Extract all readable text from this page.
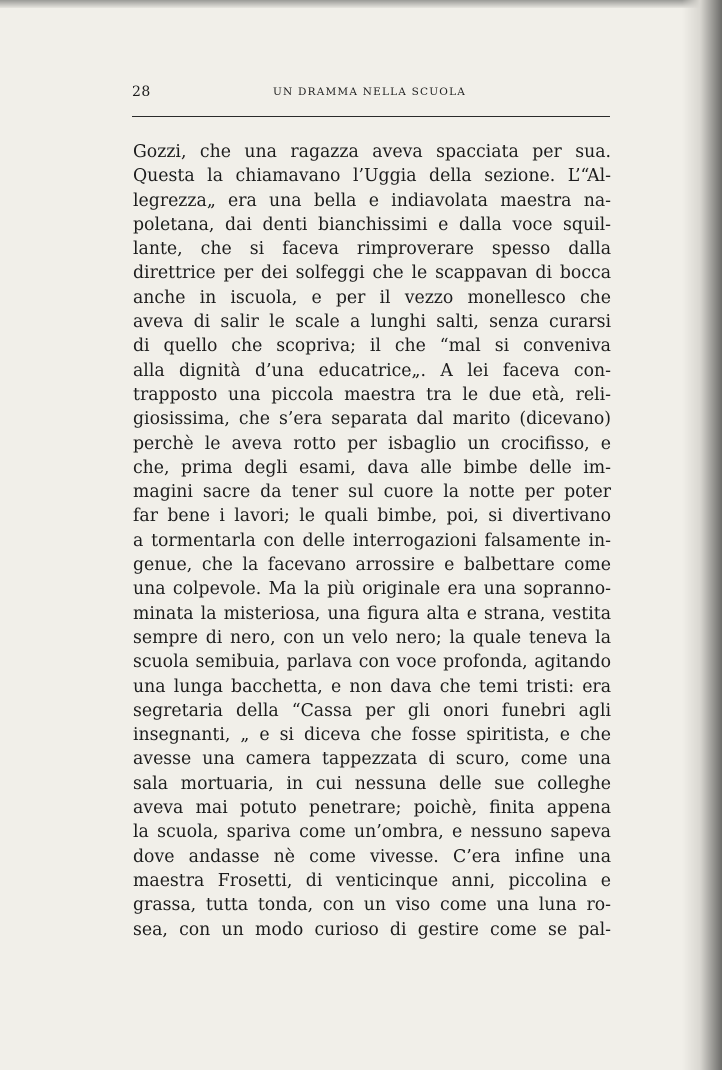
28	UN DRAMMA NELLA SCUOLA
Gozzi, che una ragazza aveva spacciata per sua.
Questa la chiamavano l’Uggia della sezione. L’“Al-
legrezza„ era una bella e indiavolata maestra na-
poletana, dai denti bianchissimi e dalla voce squil-
lante, che si faceva rimproverare spesso dalla
direttrice per dei solfeggi che le scappavan di bocca
anche in iscuola, e per il vezzo monellesco che
aveva di salir le scale a lunghi salti, senza curarsi
di quello che scopriva; il che “mal si conveniva
alla dignità d’una educatrice„. A lei faceva con-
trapposto una piccola maestra tra le due età, reli-
giosissima, che s’era separata dal marito (dicevano)
perchè le aveva rotto per isbaglio un crocifisso, e
che, prima degli esami, dava alle bimbe delle im-
magini sacre da tener sul cuore la notte per poter
far bene i lavori; le quali bimbe, poi, si divertivano
a tormentarla con delle interrogazioni falsamente in-
genue, che la facevano arrossire e balbettare come
una colpevole. Ma la più originale era una sopranno-
minata la misteriosa, una figura alta e strana, vestita
sempre di nero, con un velo nero; la quale teneva la
scuola semibuia, parlava con voce profonda, agitando
una lunga bacchetta, e non dava che temi tristi: era
segretaria della “Cassa per gli onori funebri agli
insegnanti, „ e si diceva che fosse spiritista, e che
avesse una camera tappezzata di scuro, come una
sala mortuaria, in cui nessuna delle sue colleghe
aveva mai potuto penetrare; poichè, finita appena
la scuola, spariva come un’ombra, e nessuno sapeva
dove andasse nè come vivesse. C’era infine una
maestra Frosetti, di venticinque anni, piccolina e
grassa, tutta tonda, con un viso come una luna ro-
sea, con un modo curioso di gestire come se pal-
